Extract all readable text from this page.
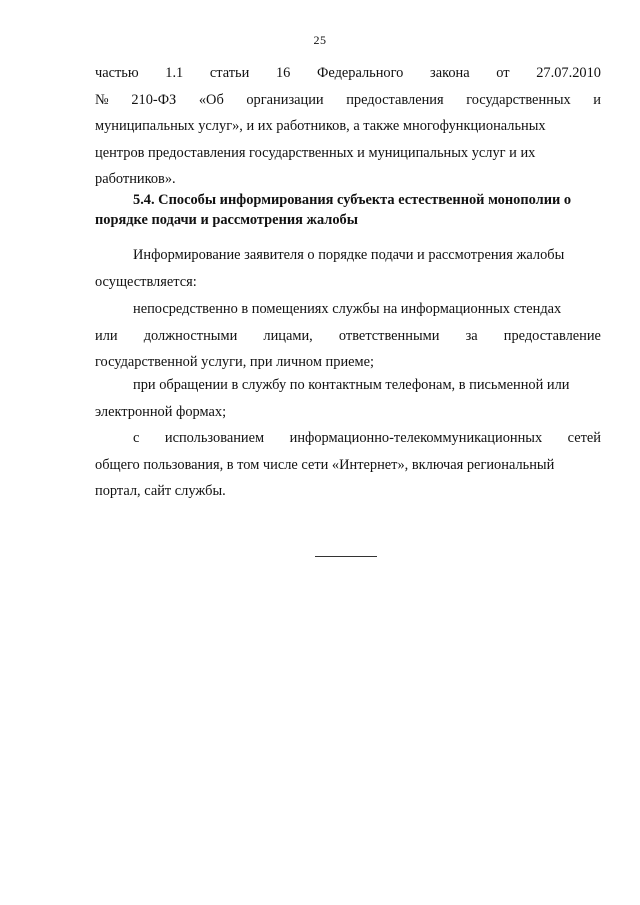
25
частью 1.1 статьи 16 Федерального закона от 27.07.2010
№ 210-ФЗ «Об организации предоставления государственных и
муниципальных услуг», и их работников, а также многофункциональных
центров предоставления государственных и муниципальных услуг и их
работников».
5.4. Способы информирования субъекта естественной монополии о
порядке подачи и рассмотрения жалобы
Информирование заявителя о порядке подачи и рассмотрения жалобы
осуществляется:
непосредственно в помещениях службы на информационных стендах
или должностными лицами, ответственными за предоставление
государственной услуги, при личном приеме;
при обращении в службу по контактным телефонам, в письменной или
электронной формах;
с использованием информационно-телекоммуникационных сетей
общего пользования, в том числе сети «Интернет», включая региональный
портал, сайт службы.
